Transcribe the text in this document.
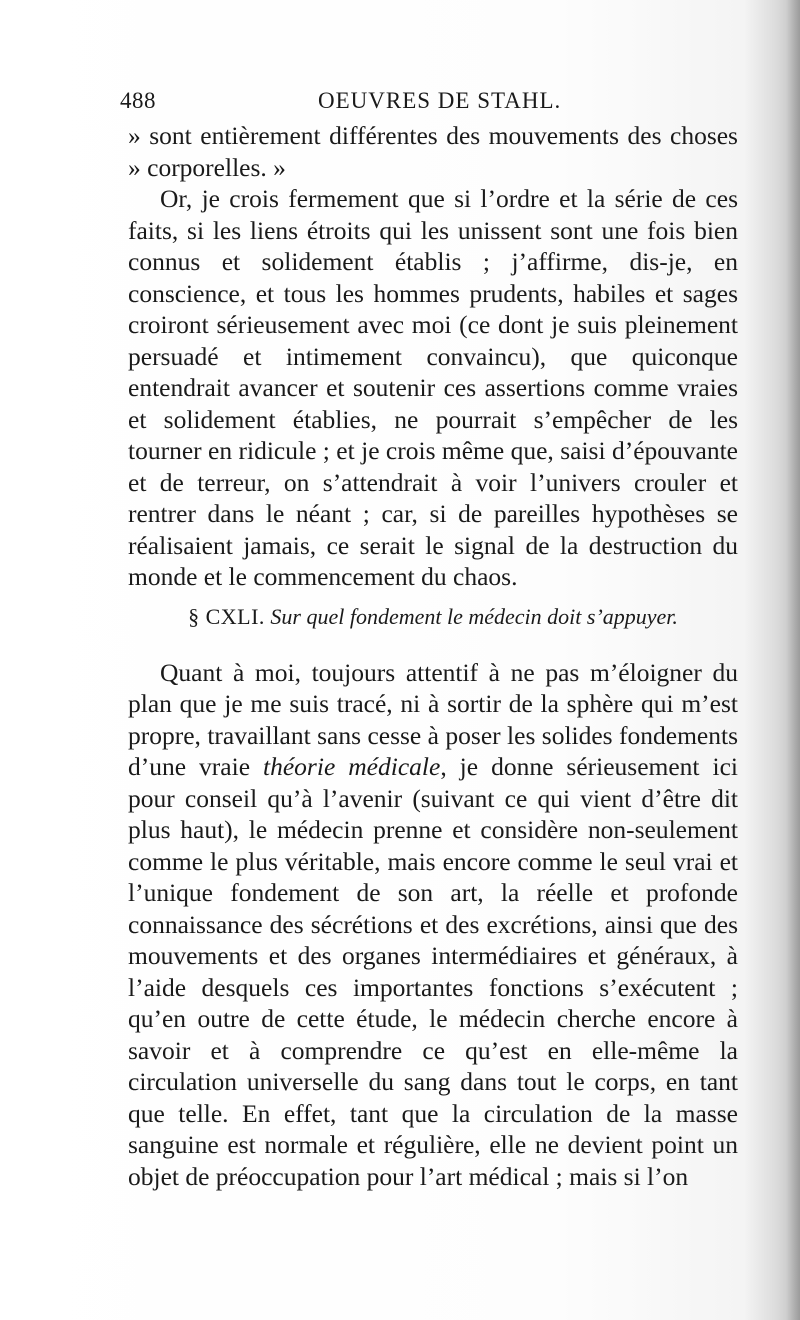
488	OEUVRES DE STAHL.

» sont entièrement différentes des mouvements des choses » corporelles. »

Or, je crois fermement que si l’ordre et la série de ces faits, si les liens étroits qui les unissent sont une fois bien connus et solidement établis ; j’affirme, dis-je, en conscience, et tous les hommes prudents, habiles et sages croiront sérieusement avec moi (ce dont je suis pleinement persuadé et intimement convaincu), que quiconque entendrait avancer et soutenir ces assertions comme vraies et solidement établies, ne pourrait s’empêcher de les tourner en ridicule ; et je crois même que, saisi d’épouvante et de terreur, on s’attendrait à voir l’univers crouler et rentrer dans le néant ; car, si de pareilles hypothèses se réalisaient jamais, ce serait le signal de la destruction du monde et le commencement du chaos.

§ CXLI. Sur quel fondement le médecin doit s’appuyer.

Quant à moi, toujours attentif à ne pas m’éloigner du plan que je me suis tracé, ni à sortir de la sphère qui m’est propre, travaillant sans cesse à poser les solides fondements d’une vraie théorie médicale, je donne sérieusement ici pour conseil qu’à l’avenir (suivant ce qui vient d’être dit plus haut), le médecin prenne et considère non-seulement comme le plus véritable, mais encore comme le seul vrai et l’unique fondement de son art, la réelle et profonde connaissance des sécrétions et des excrétions, ainsi que des mouvements et des organes intermédiaires et généraux, à l’aide desquels ces importantes fonctions s’exécutent ; qu’en outre de cette étude, le médecin cherche encore à savoir et à comprendre ce qu’est en elle-même la circulation universelle du sang dans tout le corps, en tant que telle. En effet, tant que la circulation de la masse sanguine est normale et régulière, elle ne devient point un objet de préoccupation pour l’art médical ; mais si l’on
